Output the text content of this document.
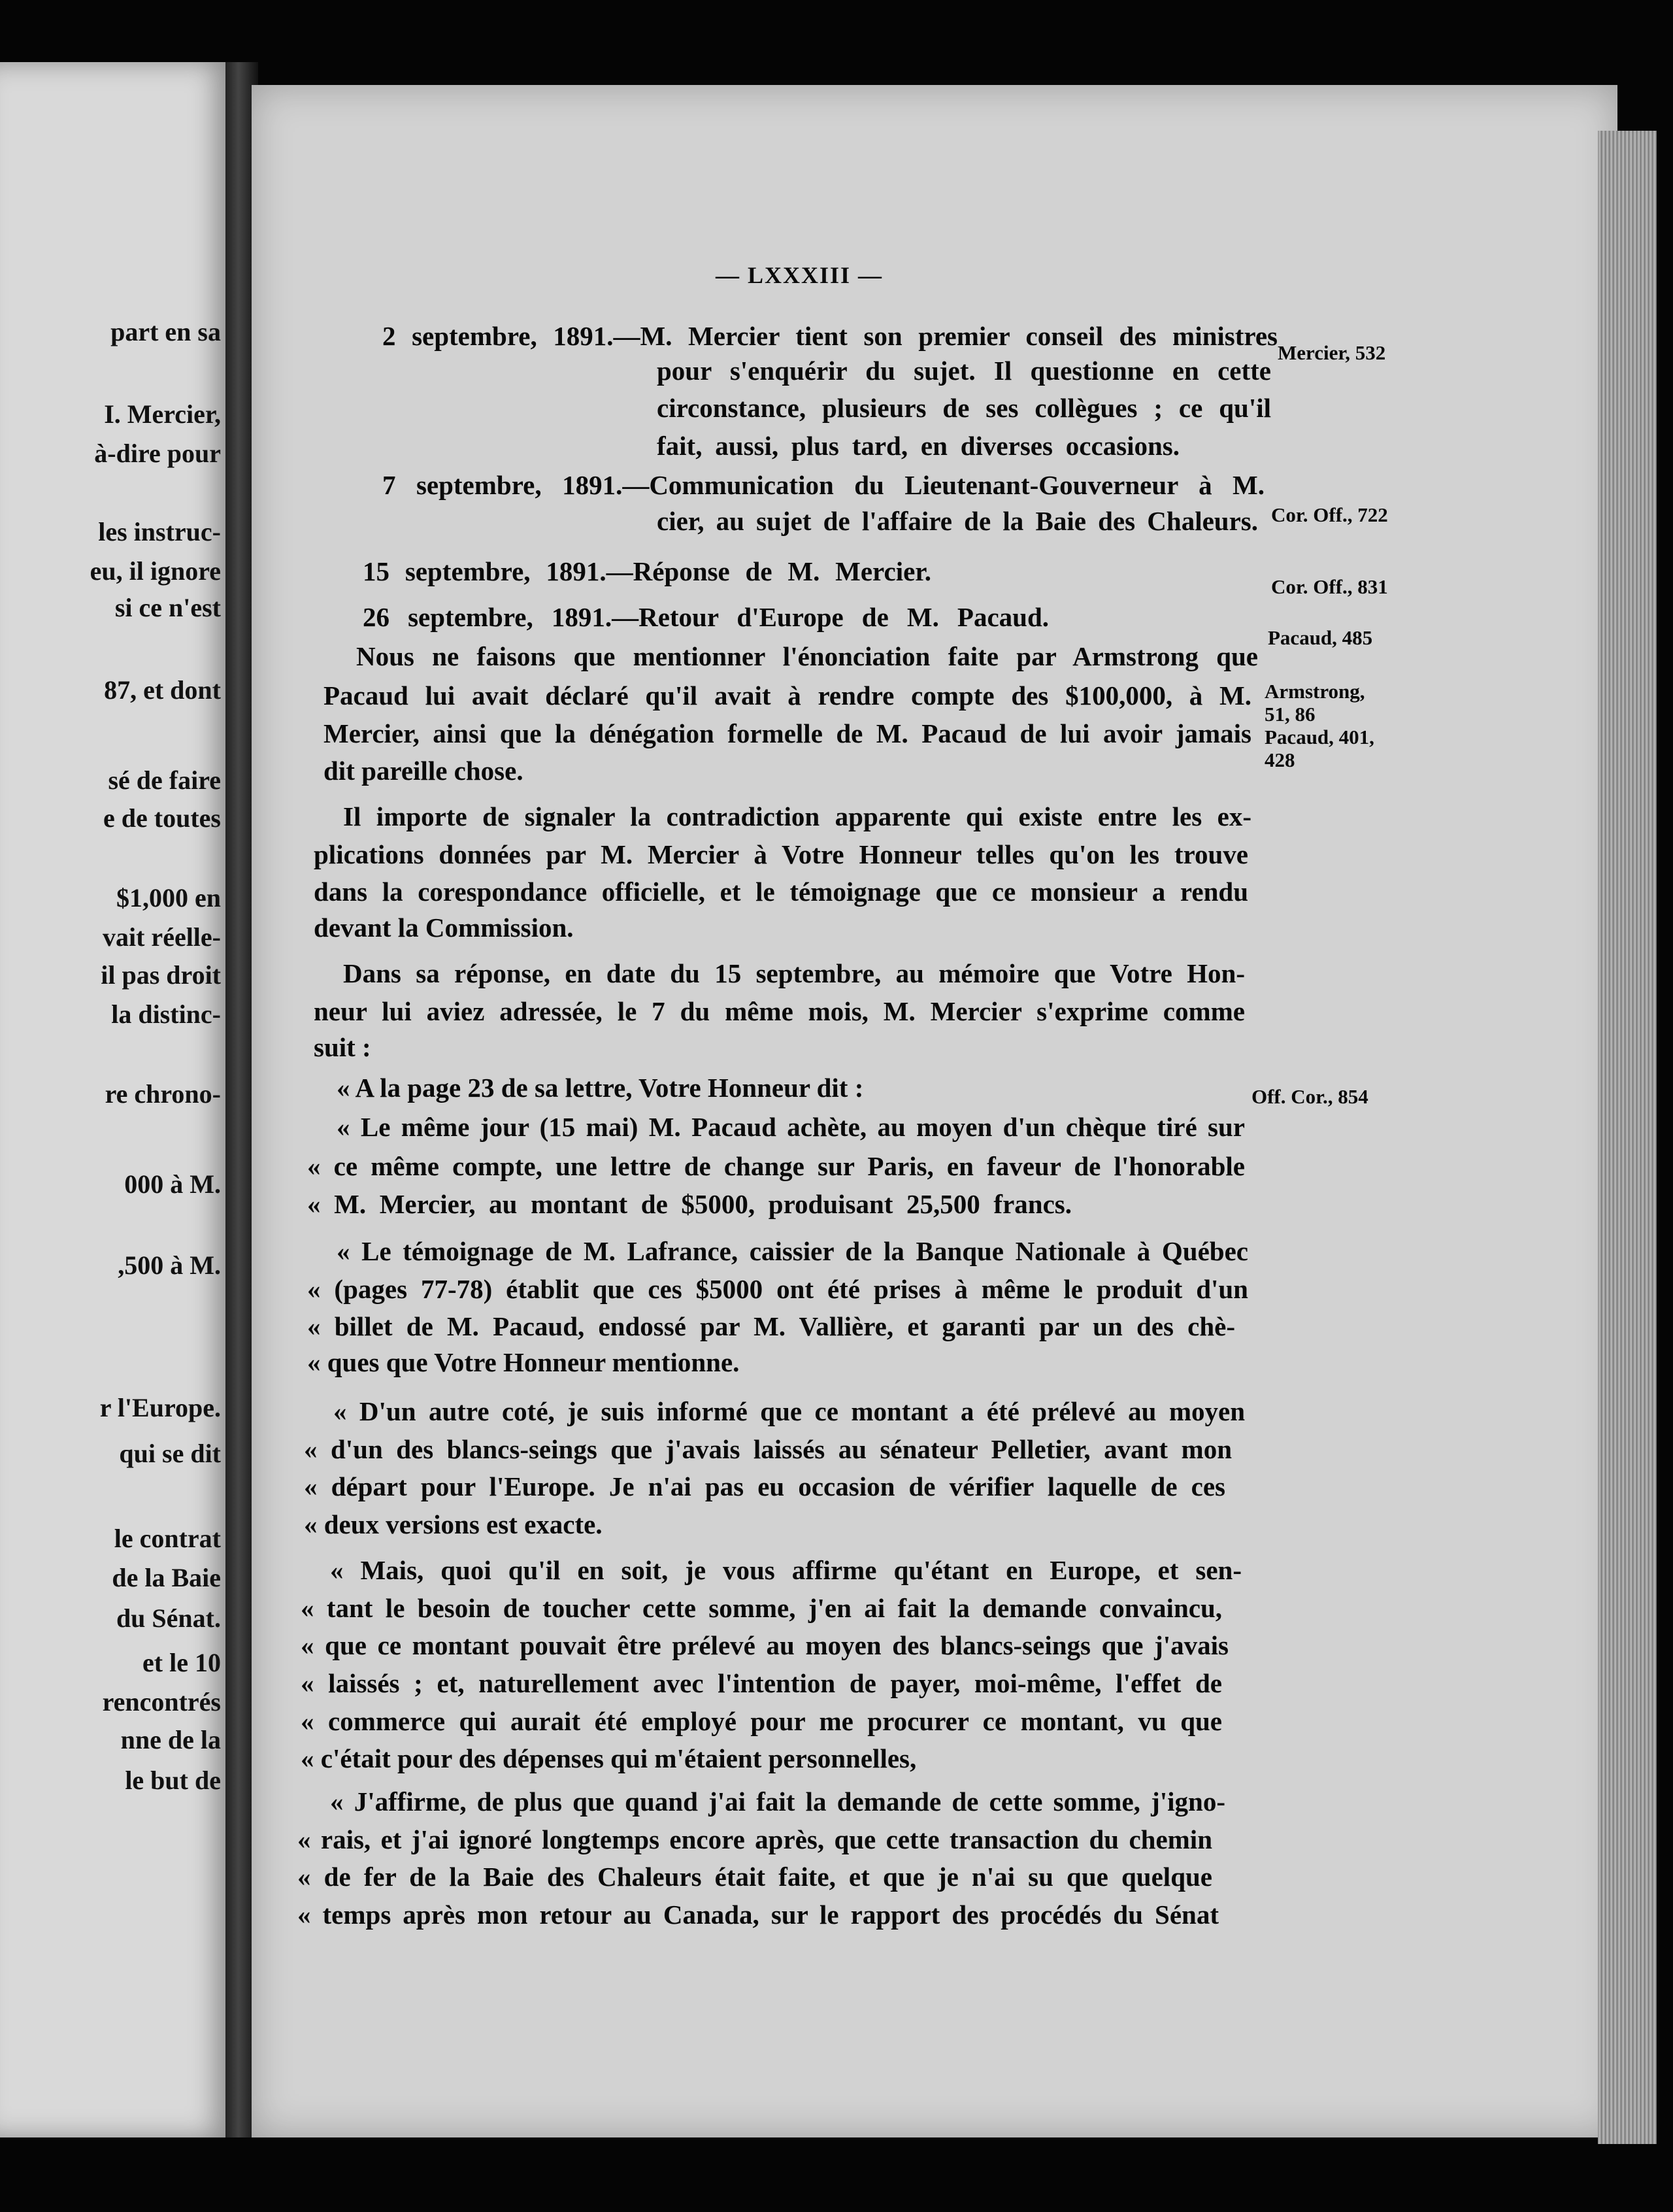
part en sa
I. Mercier,
à-dire pour
les instruc-
eu, il ignore
si ce n'est
87, et dont
sé de faire
e de toutes
$1,000 en
vait réelle-
il pas droit
la distinc-
re chrono-
000 à M.
,500 à M.
r l'Europe.
qui se dit
le contrat
de la Baie
du Sénat.
et le 10
rencontrés
nne de la
le but de
— LXXXIII —
2 septembre, 1891.—M. Mercier tient son premier conseil des ministres
pour s'enquérir du sujet. Il questionne en cette
circonstance, plusieurs de ses collègues ; ce qu'il
fait, aussi, plus tard, en diverses occasions.
7 septembre, 1891.—Communication du Lieutenant-Gouverneur à M.
cier, au sujet de l'affaire de la Baie des Chaleurs.
15 septembre, 1891.—Réponse de M. Mercier.
26 septembre, 1891.—Retour d'Europe de M. Pacaud.
Nous ne faisons que mentionner l'énonciation faite par Armstrong que
Pacaud lui avait déclaré qu'il avait à rendre compte des $100,000, à M.
Mercier, ainsi que la dénégation formelle de M. Pacaud de lui avoir jamais
dit pareille chose.
Il importe de signaler la contradiction apparente qui existe entre les ex-
plications données par M. Mercier à Votre Honneur telles qu'on les trouve
dans la corespondance officielle, et le témoignage que ce monsieur a rendu
devant la Commission.
Dans sa réponse, en date du 15 septembre, au mémoire que Votre Hon-
neur lui aviez adressée, le 7 du même mois, M. Mercier s'exprime comme
suit :
« A la page 23 de sa lettre, Votre Honneur dit :
« Le même jour (15 mai) M. Pacaud achète, au moyen d'un chèque tiré sur
« ce même compte, une lettre de change sur Paris, en faveur de l'honorable
« M. Mercier, au montant de $5000, produisant 25,500 francs.
« Le témoignage de M. Lafrance, caissier de la Banque Nationale à Québec
« (pages 77-78) établit que ces $5000 ont été prises à même le produit d'un
« billet de M. Pacaud, endossé par M. Vallière, et garanti par un des chè-
« ques que Votre Honneur mentionne.
« D'un autre coté, je suis informé que ce montant a été prélevé au moyen
« d'un des blancs-seings que j'avais laissés au sénateur Pelletier, avant mon
« départ pour l'Europe. Je n'ai pas eu occasion de vérifier laquelle de ces
« deux versions est exacte.
« Mais, quoi qu'il en soit, je vous affirme qu'étant en Europe, et sen-
« tant le besoin de toucher cette somme, j'en ai fait la demande convaincu,
« que ce montant pouvait être prélevé au moyen des blancs-seings que j'avais
« laissés ; et, naturellement avec l'intention de payer, moi-même, l'effet de
« commerce qui aurait été employé pour me procurer ce montant, vu que
« c'était pour des dépenses qui m'étaient personnelles,
« J'affirme, de plus que quand j'ai fait la demande de cette somme, j'igno-
« rais, et j'ai ignoré longtemps encore après, que cette transaction du chemin
« de fer de la Baie des Chaleurs était faite, et que je n'ai su que quelque
« temps après mon retour au Canada, sur le rapport des procédés du Sénat
Mercier, 532
Cor. Off., 722
Cor. Off., 831
Pacaud, 485
Armstrong,
51, 86
Pacaud, 401,
428
Off. Cor., 854
